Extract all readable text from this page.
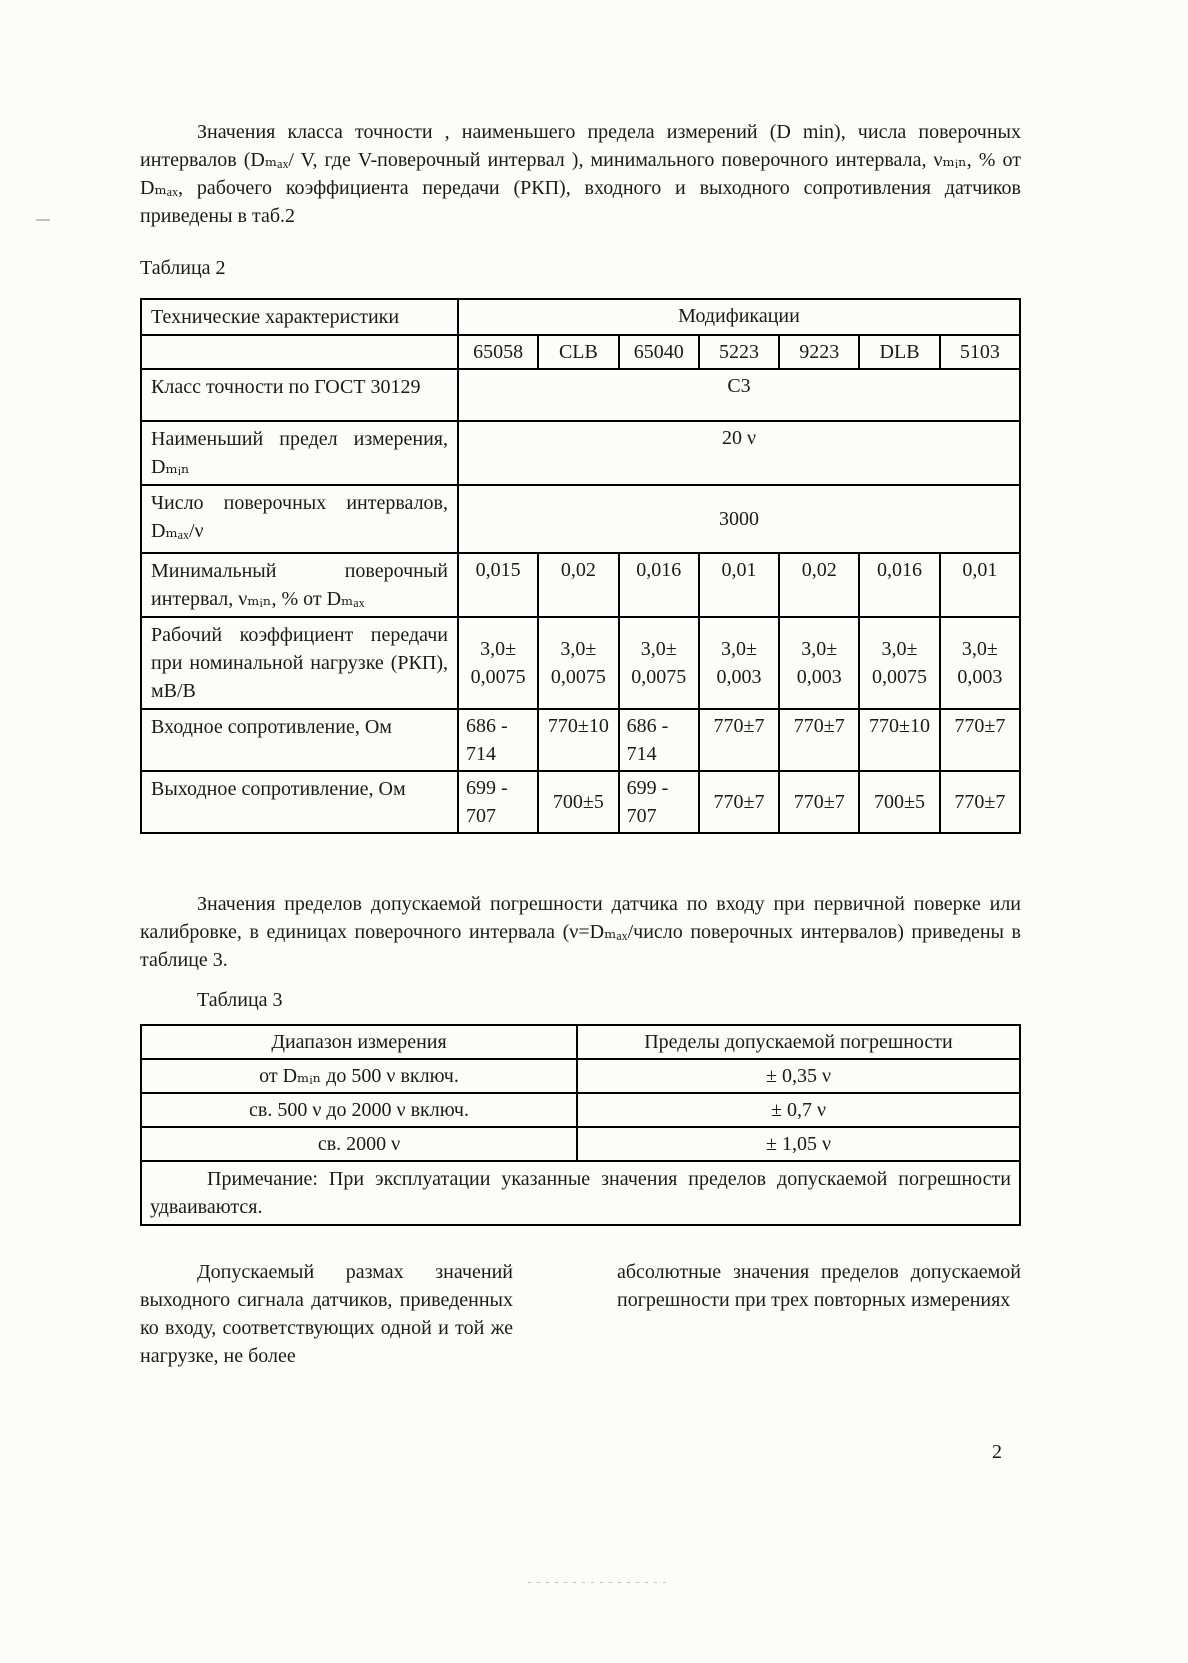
Значения класса точности , наименьшего предела измерений (D min), числа поверочных интервалов (Dₘₐₓ/ V, где V-поверочный интервал ), минимального поверочного интервала, νₘᵢₙ, % от Dₘₐₓ, рабочего коэффициента передачи (РКП), входного и выходного сопротивления датчиков приведены в таб.2

Таблица 2

Технические характеристики	Модификации						
	65058	CLB	65040	5223	9223	DLB	5103
Класс точности по ГОСТ 30129	С3						
Наименьший предел измерения, Dₘᵢₙ	20 ν						
Число поверочных интервалов, Dₘₐₓ/ν	3000						
Минимальный поверочный интервал, νₘᵢₙ, % от Dₘₐₓ	0,015	0,02	0,016	0,01	0,02	0,016	0,01
Рабочий коэффициент передачи при номинальной нагрузке (РКП), мВ/В	3,0± 0,0075	3,0± 0,0075	3,0± 0,0075	3,0± 0,003	3,0± 0,003	3,0± 0,0075	3,0± 0,003
Входное сопротивление, Ом	686 - 714	770±10	686 - 714	770±7	770±7	770±10	770±7
Выходное сопротивление, Ом	699 - 707	700±5	699 - 707	770±7	770±7	700±5	770±7

Значения пределов допускаемой погрешности датчика по входу при первичной поверке или калибровке, в единицах поверочного интервала (ν=Dₘₐₓ/число поверочных интервалов) приведены в таблице 3.

Таблица 3

Диапазон измерения	Пределы допускаемой погрешности
от Dₘᵢₙ до 500 ν включ.	± 0,35 ν
св. 500 ν до 2000 ν включ.	± 0,7 ν
св. 2000 ν	± 1,05 ν
Примечание: При эксплуатации указанные значения пределов допускаемой погрешности удваиваются.	

Допускаемый размах значений выходного сигнала датчиков, приведенных ко входу, соответствующих одной и той же нагрузке, не более

абсолютные значения пределов допускаемой погрешности при трех повторных измерениях

2
